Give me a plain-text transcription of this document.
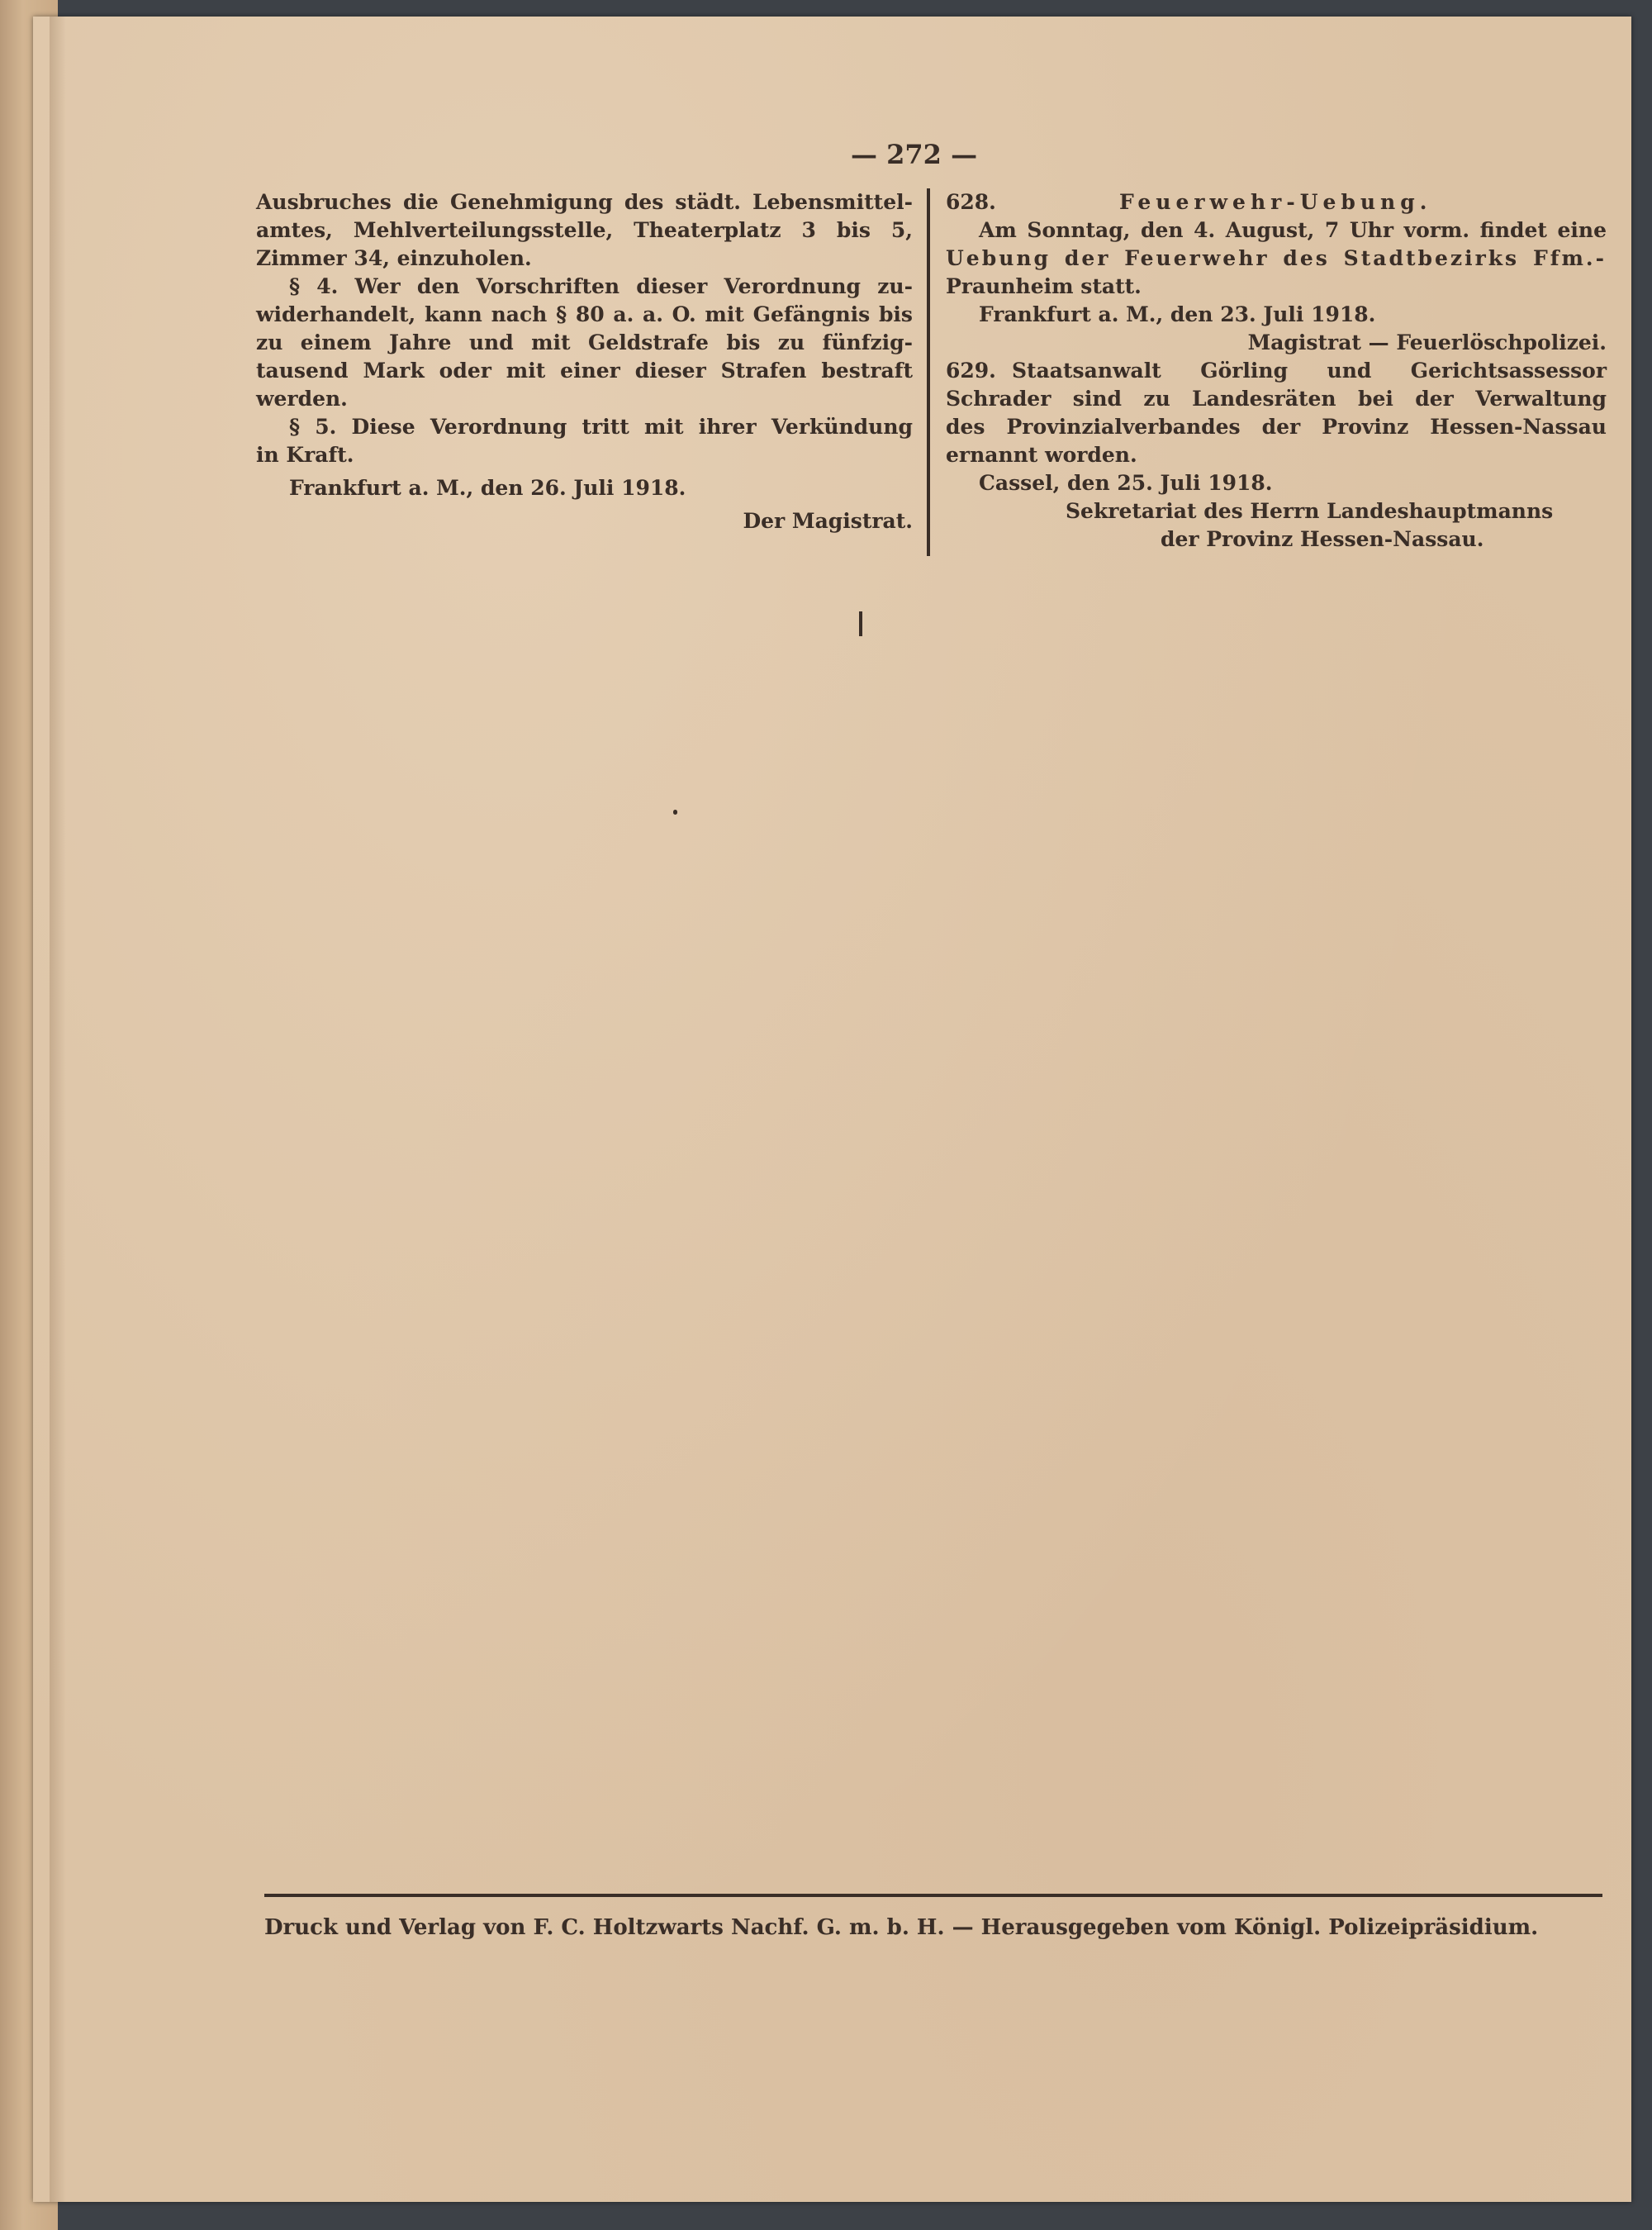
— 272 —
Ausbruches die Genehmigung des städt. Lebensmittel-
amtes, Mehlverteilungsstelle, Theaterplatz 3 bis 5,
Zimmer 34, einzuholen.
§ 4. Wer den Vorschriften dieser Verordnung zu-
widerhandelt, kann nach § 80 a. a. O. mit Gefängnis bis
zu einem Jahre und mit Geldstrafe bis zu fünfzig-
tausend Mark oder mit einer dieser Strafen bestraft
werden.
§ 5. Diese Verordnung tritt mit ihrer Verkündung
in Kraft.
Frankfurt a. M., den 26. Juli 1918.
Der Magistrat.
628.	Feuerwehr-Uebung.
Am Sonntag, den 4. August, 7 Uhr vorm. findet eine
Uebung der Feuerwehr des Stadtbezirks Ffm.-
Praunheim statt.
Frankfurt a. M., den 23. Juli 1918.
Magistrat — Feuerlöschpolizei.
629. Staatsanwalt Görling und Gerichtsassessor
Schrader sind zu Landesräten bei der Verwaltung
des Provinzialverbandes der Provinz Hessen-Nassau
ernannt worden.
Cassel, den 25. Juli 1918.
Sekretariat des Herrn Landeshauptmanns
der Provinz Hessen-Nassau.
Druck und Verlag von F. C. Holtzwarts Nachf. G. m. b. H. — Herausgegeben vom Königl. Polizeipräsidium.
